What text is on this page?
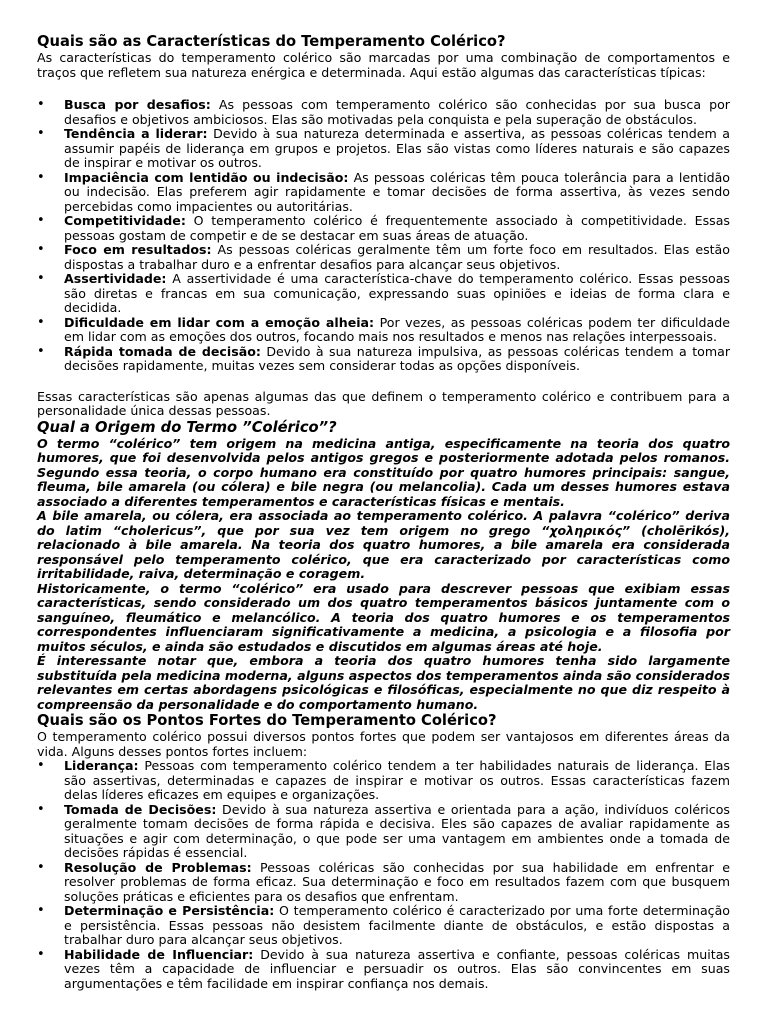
Quais são as Características do Temperamento Colérico?

As características do temperamento colérico são marcadas por uma combinação de comportamentos e traços que refletem sua natureza enérgica e determinada. Aqui estão algumas das características típicas:

• Busca por desafios: As pessoas com temperamento colérico são conhecidas por sua busca por desafios e objetivos ambiciosos. Elas são motivadas pela conquista e pela superação de obstáculos.
• Tendência a liderar: Devido à sua natureza determinada e assertiva, as pessoas coléricas tendem a assumir papéis de liderança em grupos e projetos. Elas são vistas como líderes naturais e são capazes de inspirar e motivar os outros.
• Impaciência com lentidão ou indecisão: As pessoas coléricas têm pouca tolerância para a lentidão ou indecisão. Elas preferem agir rapidamente e tomar decisões de forma assertiva, às vezes sendo percebidas como impacientes ou autoritárias.
• Competitividade: O temperamento colérico é frequentemente associado à competitividade. Essas pessoas gostam de competir e de se destacar em suas áreas de atuação.
• Foco em resultados: As pessoas coléricas geralmente têm um forte foco em resultados. Elas estão dispostas a trabalhar duro e a enfrentar desafios para alcançar seus objetivos.
• Assertividade: A assertividade é uma característica-chave do temperamento colérico. Essas pessoas são diretas e francas em sua comunicação, expressando suas opiniões e ideias de forma clara e decidida.
• Dificuldade em lidar com a emoção alheia: Por vezes, as pessoas coléricas podem ter dificuldade em lidar com as emoções dos outros, focando mais nos resultados e menos nas relações interpessoais.
• Rápida tomada de decisão: Devido à sua natureza impulsiva, as pessoas coléricas tendem a tomar decisões rapidamente, muitas vezes sem considerar todas as opções disponíveis.

Essas características são apenas algumas das que definem o temperamento colérico e contribuem para a personalidade única dessas pessoas.

Qual a Origem do Termo ”Colérico”?

O termo “colérico” tem origem na medicina antiga, especificamente na teoria dos quatro humores, que foi desenvolvida pelos antigos gregos e posteriormente adotada pelos romanos. Segundo essa teoria, o corpo humano era constituído por quatro humores principais: sangue, fleuma, bile amarela (ou cólera) e bile negra (ou melancolia). Cada um desses humores estava associado a diferentes temperamentos e características físicas e mentais.

A bile amarela, ou cólera, era associada ao temperamento colérico. A palavra “colérico” deriva do latim “cholericus”, que por sua vez tem origem no grego “χοληρικός” (cholērikós), relacionado à bile amarela. Na teoria dos quatro humores, a bile amarela era considerada responsável pelo temperamento colérico, que era caracterizado por características como irritabilidade, raiva, determinação e coragem.

Historicamente, o termo “colérico” era usado para descrever pessoas que exibiam essas características, sendo considerado um dos quatro temperamentos básicos juntamente com o sanguíneo, fleumático e melancólico. A teoria dos quatro humores e os temperamentos correspondentes influenciaram significativamente a medicina, a psicologia e a filosofia por muitos séculos, e ainda são estudados e discutidos em algumas áreas até hoje.

É interessante notar que, embora a teoria dos quatro humores tenha sido largamente substituída pela medicina moderna, alguns aspectos dos temperamentos ainda são considerados relevantes em certas abordagens psicológicas e filosóficas, especialmente no que diz respeito à compreensão da personalidade e do comportamento humano.

Quais são os Pontos Fortes do Temperamento Colérico?

O temperamento colérico possui diversos pontos fortes que podem ser vantajosos em diferentes áreas da vida. Alguns desses pontos fortes incluem:

• Liderança: Pessoas com temperamento colérico tendem a ter habilidades naturais de liderança. Elas são assertivas, determinadas e capazes de inspirar e motivar os outros. Essas características fazem delas líderes eficazes em equipes e organizações.
• Tomada de Decisões: Devido à sua natureza assertiva e orientada para a ação, indivíduos coléricos geralmente tomam decisões de forma rápida e decisiva. Eles são capazes de avaliar rapidamente as situações e agir com determinação, o que pode ser uma vantagem em ambientes onde a tomada de decisões rápidas é essencial.
• Resolução de Problemas: Pessoas coléricas são conhecidas por sua habilidade em enfrentar e resolver problemas de forma eficaz. Sua determinação e foco em resultados fazem com que busquem soluções práticas e eficientes para os desafios que enfrentam.
• Determinação e Persistência: O temperamento colérico é caracterizado por uma forte determinação e persistência. Essas pessoas não desistem facilmente diante de obstáculos, e estão dispostas a trabalhar duro para alcançar seus objetivos.
• Habilidade de Influenciar: Devido à sua natureza assertiva e confiante, pessoas coléricas muitas vezes têm a capacidade de influenciar e persuadir os outros. Elas são convincentes em suas argumentações e têm facilidade em inspirar confiança nos demais.
